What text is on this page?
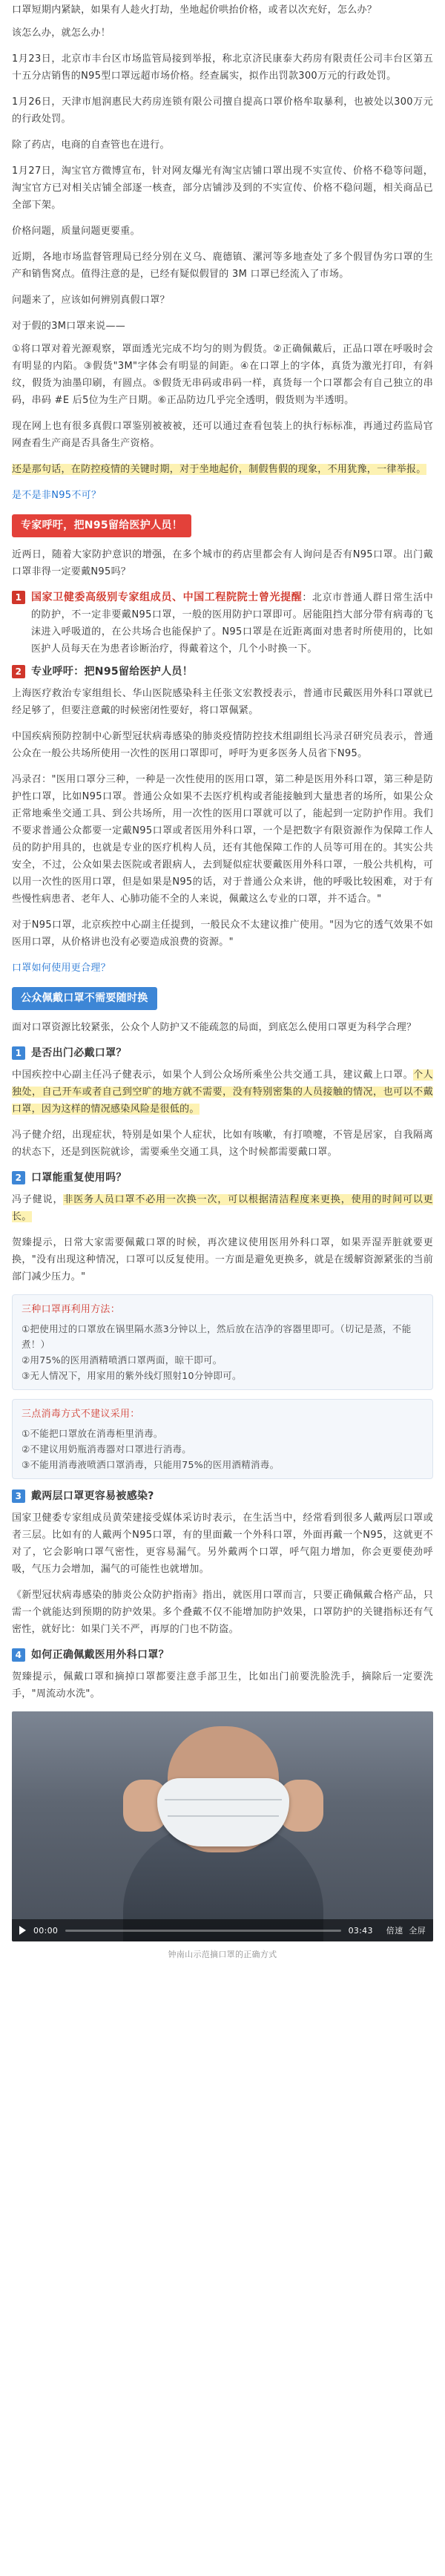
口罩短期内紧缺，如果有人趁火打劫，坐地起价哄抬价格，或者以次充好，怎么办？

该怎么办，就怎么办！

1月23日，北京市丰台区市场监管局接到举报，称北京济民康泰大药房有限责任公司丰台区第五十五分店销售的N95型口罩远超市场价格。经查属实，拟作出罚款300万元的行政处罚。

1月26日，天津市旭润惠民大药房连锁有限公司擅自提高口罩价格牟取暴利，也被处以300万元的行政处罚。

除了药店，电商的自查管也在进行。

1月27日，淘宝官方微博宣布，针对网友爆光有淘宝店铺口罩出现不实宣传、价格不稳等问题，淘宝官方已对相关店铺全部逐一核查，部分店铺涉及到的不实宣传、价格不稳问题，相关商品已全部下架。

价格问题，质量问题更要重。

近期，各地市场监督管理局已经分别在义乌、鹿德镇、漯河等多地查处了多个假冒伪劣口罩的生产和销售窝点。值得注意的是，已经有疑似假冒的 3M 口罩已经流入了市场。

问题来了，应该如何辨别真假口罩？

对于假的3M口罩来说——

①将口罩对着光源观察，罩面透光完成不均匀的则为假货。②正确佩戴后，正品口罩在呼吸时会有明显的内陷。③假货"3M"字体会有明显的间距。④在口罩上的字体，真货为激光打印，有斜纹，假货为油墨印刷，有圆点。⑤假货无串码或串码一样，真货每一个口罩都会有自己独立的串码，串码 #E 后5位为生产日期。⑥正品防边几乎完全透明，假货则为半透明。

现在网上也有很多真假口罩鉴别被被被，还可以通过查看包装上的执行标标准，再通过药监局官网查看生产商是否具备生产资格。

还是那句话，在防控疫情的关键时期，对于坐地起价，制假售假的现象，不用犹豫，一律举报。

是不是非N95不可？
专家呼吁，把N95留给医护人员！

近两日，随着大家防护意识的增强，在多个城市的药店里都会有人询问是否有N95口罩。出门戴口罩非得一定要戴N95吗？

1 国家卫健委高级别专家组成员、中国工程院院士曾光提醒：北京市普通人群日常生活中的防护，不一定非要戴N95口罩，一般的医用防护口罩即可。居能阻挡大部分带有病毒的飞沫进入呼吸道的，在公共场合也能保护了。N95口罩是在近距离面对患者时所使用的，比如医护人员每天在为患者诊断治疗，得戴着这个，几个小时换一下。

2 专业呼吁：把N95留给医护人员！

上海医疗救治专家组组长、华山医院感染科主任张文宏教授表示，普通市民戴医用外科口罩就已经足够了，但要注意戴的时候密闭性要好，将口罩佩紧。

中国疾病预防控制中心新型冠状病毒感染的肺炎疫情防控技术组副组长冯录召研究员表示，普通公众在一般公共场所使用一次性的医用口罩即可，呼吁为更多医务人员省下N95。

冯录召："医用口罩分三种，一种是一次性使用的医用口罩，第二种是医用外科口罩，第三种是防护性口罩，比如N95口罩。普通公众如果不去医疗机构或者能接触到大量患者的场所，如果公众正常地乘坐交通工具、到公共场所，用一次性的医用口罩就可以了，能起到一定防护作用。我们不要求普通公众都要一定戴N95口罩或者医用外科口罩，一个是把数字有限资源作为保障工作人员的防护用具的，也就是专业的医疗机构人员，还有其他保障工作的人员等可用在的。其实公共安全，不过，公众如果去医院或者跟病人，去到疑似症状要戴医用外科口罩，一般公共机构，可以用一次性的医用口罩，但是如果是N95的话，对于普通公众来讲，他的呼吸比较困难，对于有些慢性病患者、老年人、心肺功能不全的人来说，佩戴这么专业的口罩，并不适合。"

对于N95口罩，北京疾控中心副主任提到，一般民众不太建议推广使用。"因为它的透气效果不如医用口罩，从价格讲也没有必要造成浪费的资源。"

口罩如何使用更合理？
公众佩戴口罩不需要随时换

面对口罩资源比较紧张，公众个人防护又不能疏忽的局面，到底怎么使用口罩更为科学合理？

1 是否出门必戴口罩？

中国疾控中心副主任冯子健表示，如果个人到公众场所乘坐公共交通工具，建议戴上口罩。个人独处，自己开车或者自己到空旷的地方就不需要，没有特别密集的人员接触的情况，也可以不戴口罩，因为这样的情况感染风险是很低的。

冯子健介绍，出现症状，特别是如果个人症状，比如有咳嗽，有打喷嚏，不管是居家，自我隔离的状态下，还是到医院就诊，需要乘坐交通工具，这个时候都需要戴口罩。

2 口罩能重复使用吗？

冯子健说，非医务人员口罩不必用一次换一次，可以根据清洁程度来更换，使用的时间可以更长。

贺臻提示，日常大家需要佩戴口罩的时候，再次建议使用医用外科口罩，如果弄湿弄脏就要更换，"没有出现这种情况，口罩可以反复使用。一方面是避免更换多，就是在缓解资源紧张的当前部门减少压力。"

三种口罩再利用方法：
①把使用过的口罩放在锅里隔水蒸3分钟以上，然后放在洁净的容器里即可。（切记是蒸，不能煮！）
②用75%的医用酒精喷洒口罩两面，晾干即可。
③无人情况下，用家用的紫外线灯照射10分钟即可。
三点消毒方式不建议采用：
①不能把口罩放在消毒柜里消毒。
②不建议用奶瓶消毒器对口罩进行消毒。
③不能用消毒液喷洒口罩消毒，只能用75%的医用酒精消毒。
3 戴两层口罩更容易被感染?

国家卫健委专家组成员黄荣建接受媒体采访时表示，在生活当中，经常看到很多人戴两层口罩或者三层。比如有的人戴两个N95口罩，有的里面戴一个外科口罩，外面再戴一个N95，这就更不对了，它会影响口罩气密性，更容易漏气。另外戴两个口罩，呼气阻力增加，你会更要使劲呼吸，气压力会增加，漏气的可能性也就增加。

《新型冠状病毒感染的肺炎公众防护指南》指出，就医用口罩而言，只要正确佩戴合格产品，只需一个就能达到预期的防护效果。多个叠戴不仅不能增加防护效果，口罩防护的关键指标还有气密性，就好比：如果门关不严，再厚的门也不防盗。

4 如何正确佩戴医用外科口罩？

贺臻提示，佩戴口罩和摘掉口罩都要注意手部卫生，比如出门前要洗脸洗手，摘除后一定要洗手，"周流动水洗"。

00:00	03:43 倍速 全屏
钟南山示范摘口罩的正确方式
